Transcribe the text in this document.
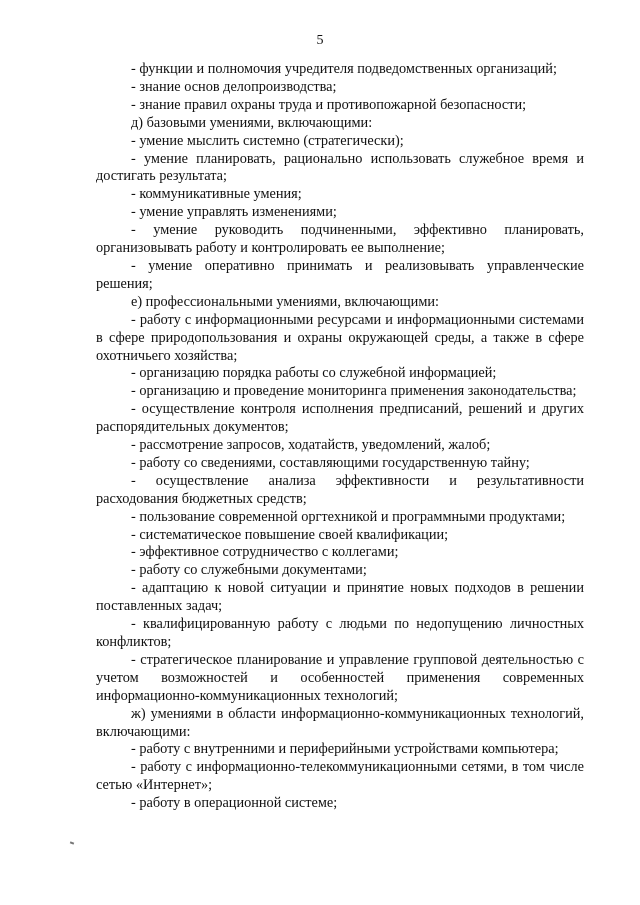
5

- функции и полномочия учредителя подведомственных организаций;

- знание основ делопроизводства;

- знание правил охраны труда и противопожарной безопасности;

д) базовыми умениями, включающими:

- умение мыслить системно (стратегически);

- умение планировать, рационально использовать служебное время и достигать результата;

- коммуникативные умения;

- умение управлять изменениями;

- умение руководить подчиненными, эффективно планировать, организовывать работу и контролировать ее выполнение;

- умение оперативно принимать и реализовывать управленческие решения;

е) профессиональными умениями, включающими:

- работу с информационными ресурсами и информационными системами в сфере природопользования и охраны окружающей среды, а также в сфере охотничьего хозяйства;

- организацию порядка работы со служебной информацией;

- организацию и проведение мониторинга применения законодательства;

- осуществление контроля исполнения предписаний, решений и других распорядительных документов;

- рассмотрение запросов, ходатайств, уведомлений, жалоб;

- работу со сведениями, составляющими государственную тайну;

- осуществление анализа эффективности и результативности расходования бюджетных средств;

- пользование современной оргтехникой и программными продуктами;

- систематическое повышение своей квалификации;

- эффективное сотрудничество с коллегами;

- работу со служебными документами;

- адаптацию к новой ситуации и принятие новых подходов в решении поставленных задач;

- квалифицированную работу с людьми по недопущению личностных конфликтов;

- стратегическое планирование и управление групповой деятельностью с учетом возможностей и особенностей применения современных информационно-коммуникационных технологий;

ж) умениями в области информационно-коммуникационных технологий, включающими:

- работу с внутренними и периферийными устройствами компьютера;

- работу с информационно-телекоммуникационными сетями, в том числе сетью «Интернет»;

- работу в операционной системе;
